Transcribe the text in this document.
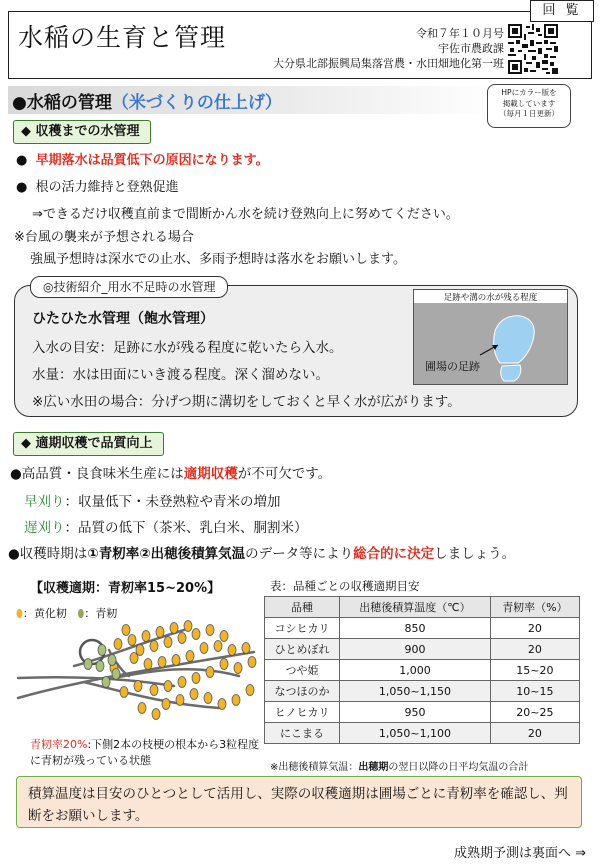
水稲の生育と管理
回 覧
令和７年１０月号
宇佐市農政課
大分県北部振興局集落営農・水田畑地化第一班
●水稲の管理（米づくりの仕上げ）
HPにカラー版を
掲載しています
（毎月１日更新）
◆ 収穫までの水管理
●  早期落水は品質低下の原因になります。
●  根の活力維持と登熟促進
⇒できるだけ収穫直前まで間断かん水を続け登熟向上に努めてください。
※台風の襲来が予想される場合
強風予想時は深水での止水、多雨予想時は落水をお願いします。
◎技術紹介_用水不足時の水管理
ひたひた水管理（飽水管理）
入水の目安：足跡に水が残る程度に乾いたら入水。
水量：水は田面にいき渡る程度。深く溜めない。
※広い水田の場合：分げつ期に溝切をしておくと早く水が広がります。
足跡や溝の水が残る程度
圃場の足跡
◆ 適期収穫で品質向上
●高品質・良食味米生産には適期収穫が不可欠です。
早刈り：収量低下・未登熟粒や青米の増加
遅刈り：品質の低下（茶米、乳白米、胴割米）
●収穫時期は①青籾率②出穂後積算気温のデータ等により総合的に決定しましょう。
【収穫適期：青籾率15~20%】
⬮：黄化籾 ⬮：青籾
青籾率20%:下側2本の枝梗の根本から3粒程度に青籾が残っている状態
表：品種ごとの収穫適期目安
品種	出穂後積算温度（℃）	青籾率（%）
コシヒカリ	850	20
ひとめぼれ	900	20
つや姫	1,000	15~20
なつほのか	1,050~1,150	10~15
ヒノヒカリ	950	20~25
にこまる	1,050~1,100	20
※出穂後積算気温：出穂期の翌日以降の日平均気温の合計
積算温度は目安のひとつとして活用し、実際の収穫適期は圃場ごとに青籾率を確認し、判断をお願いします。
成熟期予測は裏面へ ⇒
